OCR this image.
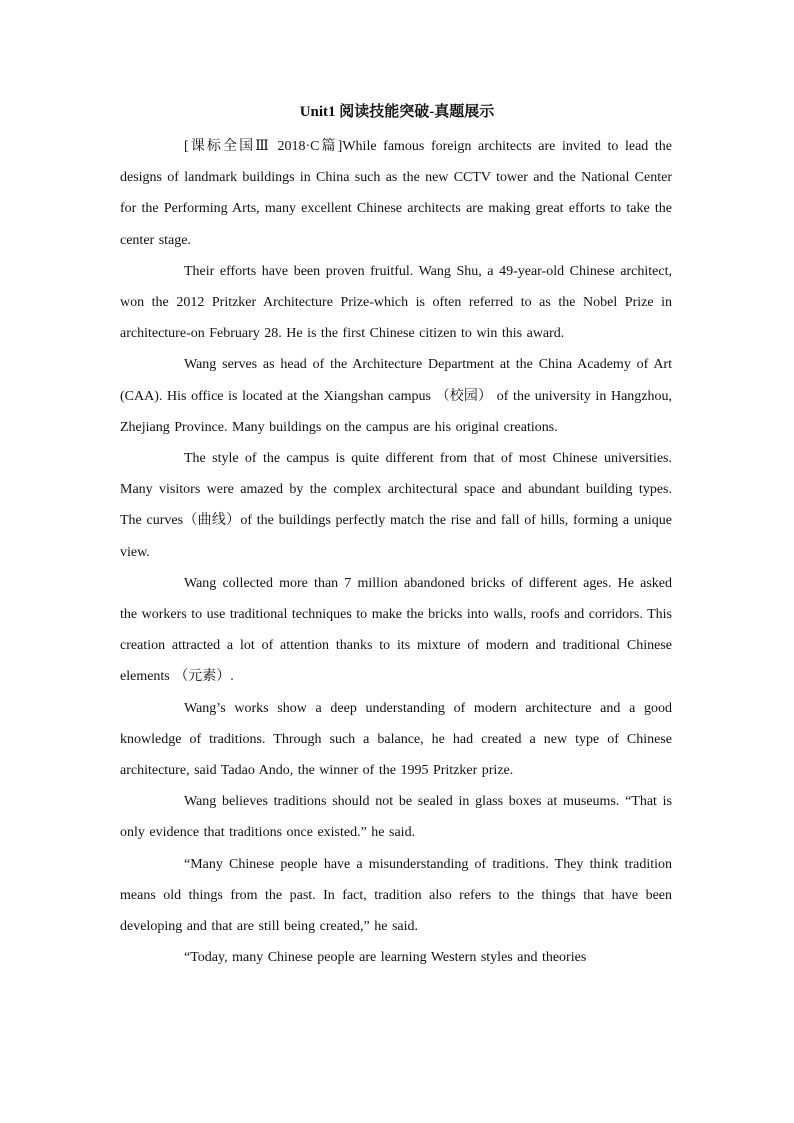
Unit1 阅读技能突破-真题展示

[课标全国Ⅲ 2018·C篇]While famous foreign architects are invited to lead the designs of landmark buildings in China such as the new CCTV tower and the National Center for the Performing Arts, many excellent Chinese architects are making great efforts to take the center stage.

Their efforts have been proven fruitful. Wang Shu, a 49-year-old Chinese architect, won the 2012 Pritzker Architecture Prize-which is often referred to as the Nobel Prize in architecture-on February 28. He is the first Chinese citizen to win this award.

Wang serves as head of the Architecture Department at the China Academy of Art (CAA). His office is located at the Xiangshan campus （校园） of the university in Hangzhou, Zhejiang Province. Many buildings on the campus are his original creations.

The style of the campus is quite different from that of most Chinese universities. Many visitors were amazed by the complex architectural space and abundant building types. The curves（曲线）of the buildings perfectly match the rise and fall of hills, forming a unique view.

Wang collected more than 7 million abandoned bricks of different ages. He asked the workers to use traditional techniques to make the bricks into walls, roofs and corridors. This creation attracted a lot of attention thanks to its mixture of modern and traditional Chinese elements （元素）.

Wang’s works show a deep understanding of modern architecture and a good knowledge of traditions. Through such a balance, he had created a new type of Chinese architecture, said Tadao Ando, the winner of the 1995 Pritzker prize.

Wang believes traditions should not be sealed in glass boxes at museums. “That is only evidence that traditions once existed.” he said.

“Many Chinese people have a misunderstanding of traditions. They think tradition means old things from the past. In fact, tradition also refers to the things that have been developing and that are still being created,” he said.

“Today, many Chinese people are learning Western styles and theories
